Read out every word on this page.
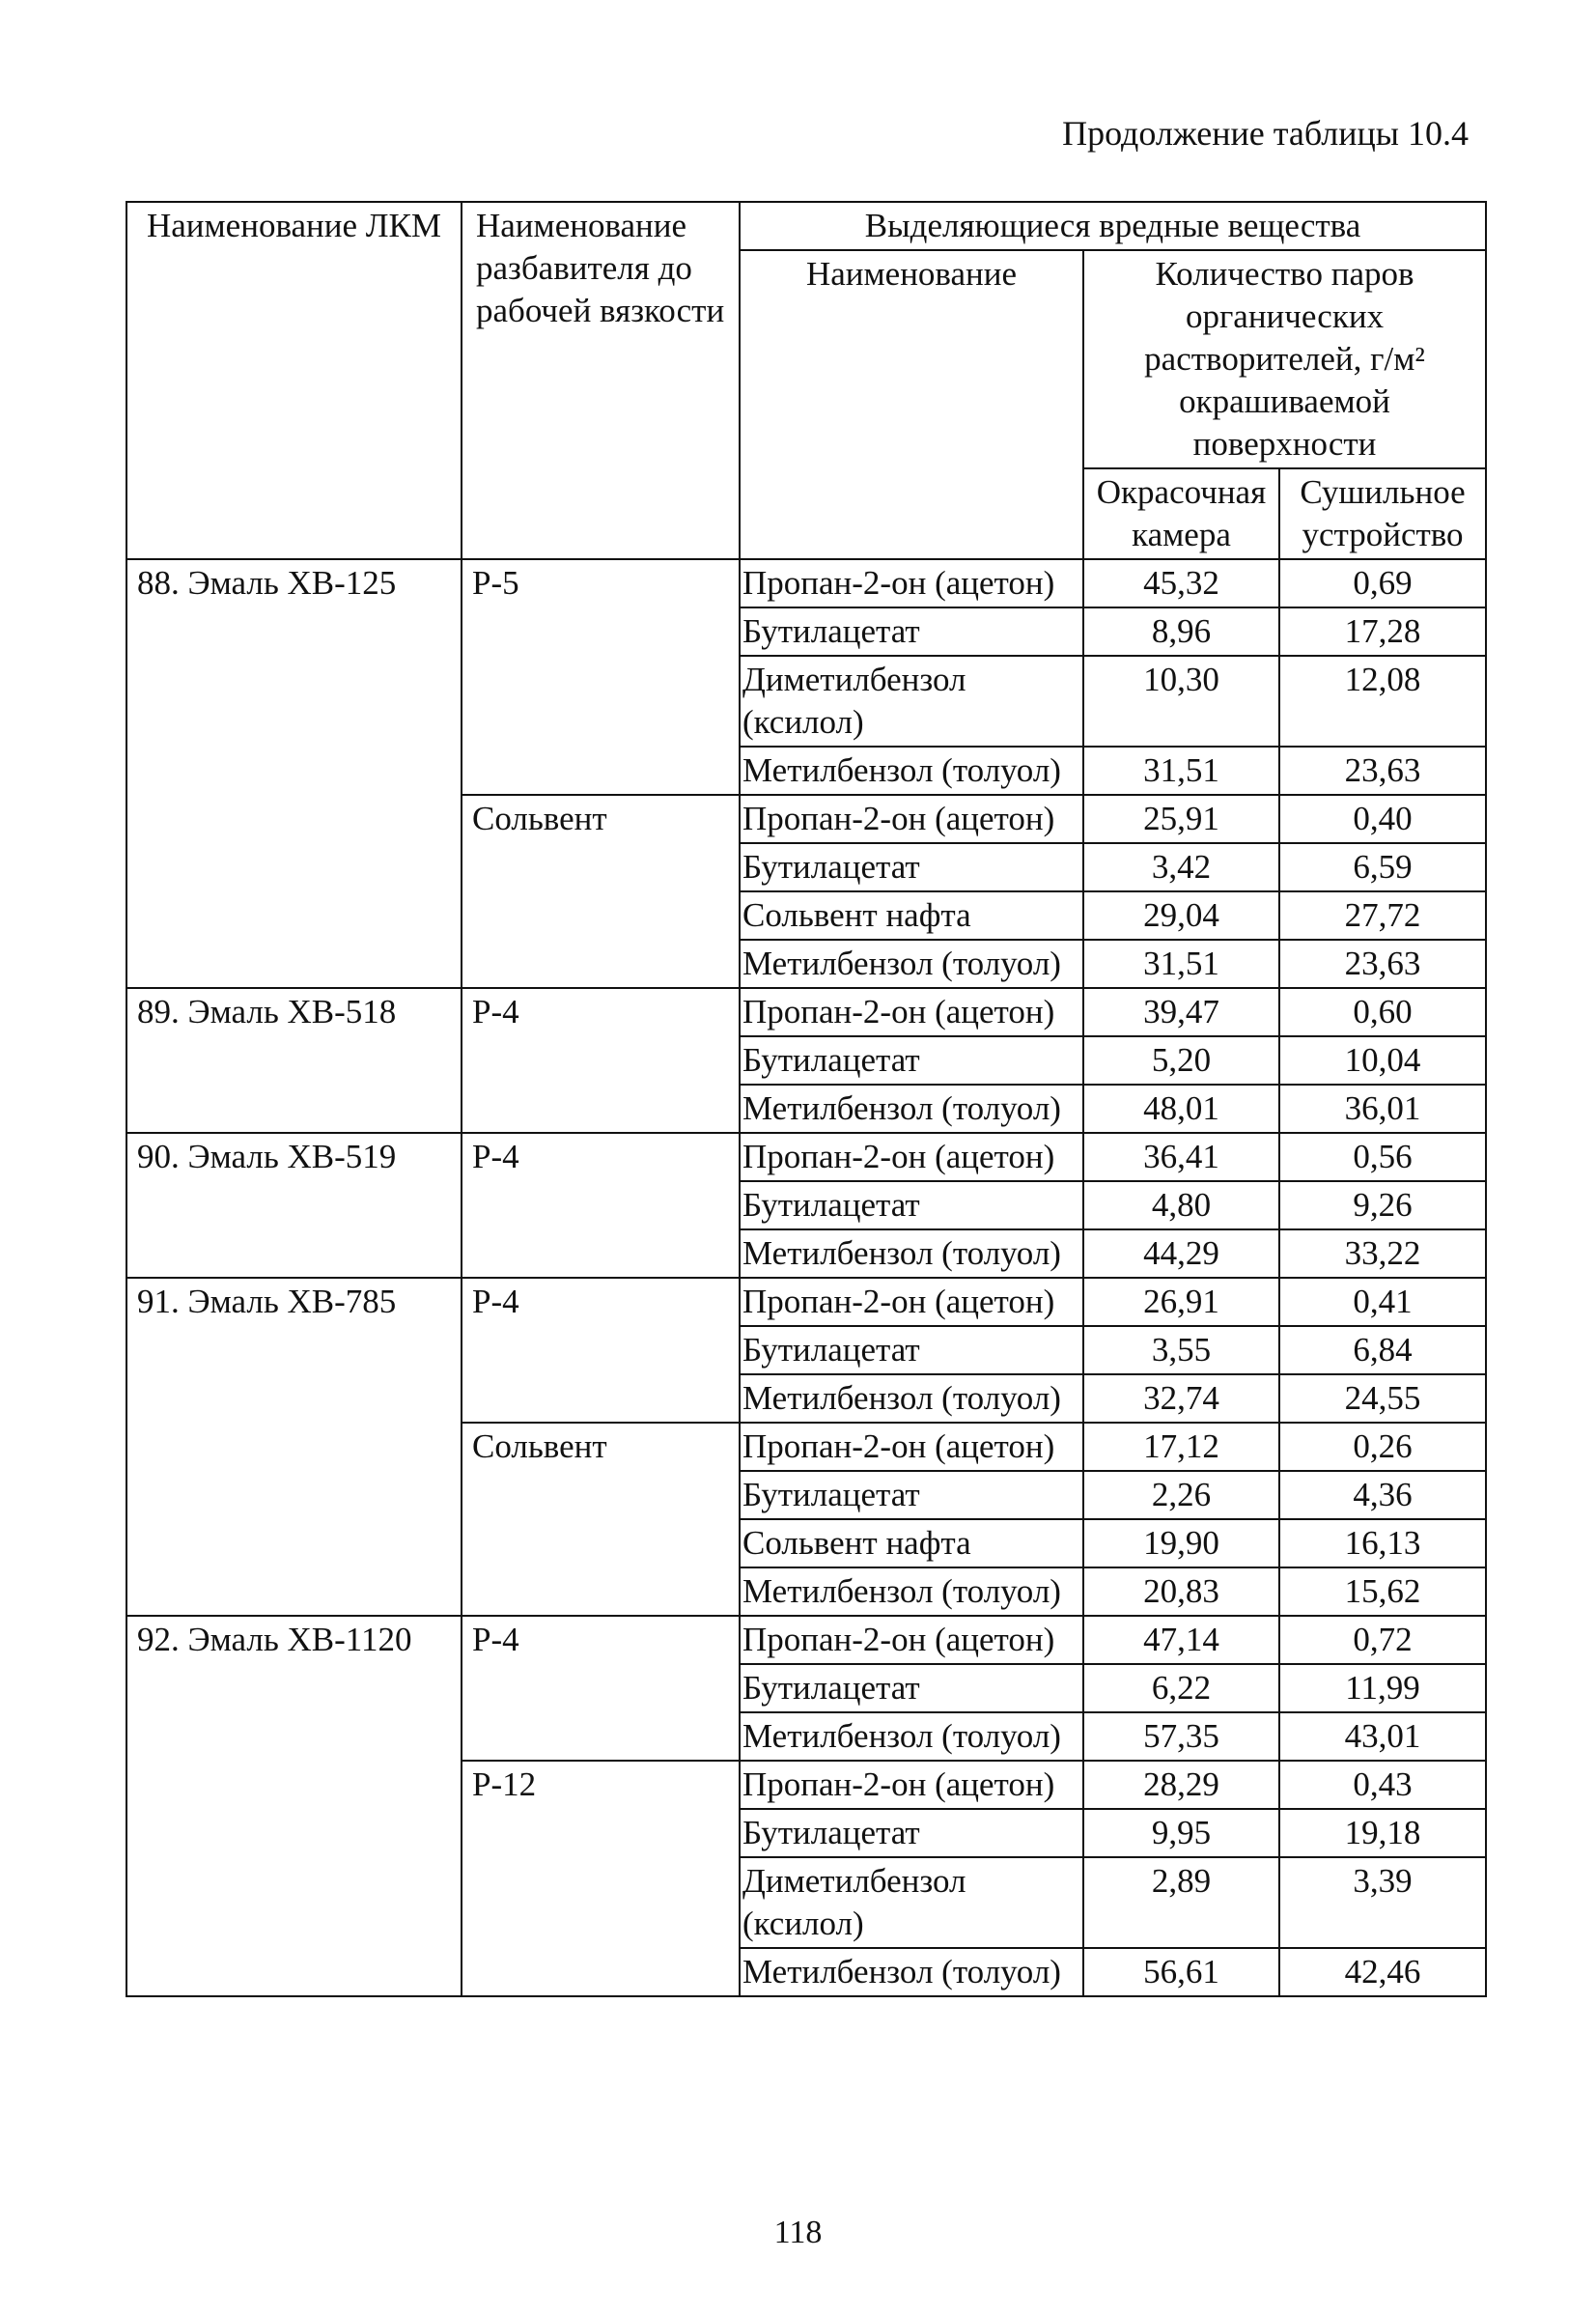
Продолжение таблицы 10.4
Наименование ЛКМ	Наименование разбавителя до рабочей вязкости	Выделяющиеся вредные вещества		
		Наименование	Количество паров органических растворителей, г/м² окрашиваемой поверхности	
			Окрасочная камера	Сушильное устройство
88. Эмаль ХВ-125	Р-5	Пропан-2-он (ацетон)	45,32	0,69
		Бутилацетат	8,96	17,28
		Диметилбензол (ксилол)	10,30	12,08
		Метилбензол (толуол)	31,51	23,63
	Сольвент	Пропан-2-он (ацетон)	25,91	0,40
		Бутилацетат	3,42	6,59
		Сольвент нафта	29,04	27,72
		Метилбензол (толуол)	31,51	23,63
89. Эмаль ХВ-518	Р-4	Пропан-2-он (ацетон)	39,47	0,60
		Бутилацетат	5,20	10,04
		Метилбензол (толуол)	48,01	36,01
90. Эмаль ХВ-519	Р-4	Пропан-2-он (ацетон)	36,41	0,56
		Бутилацетат	4,80	9,26
		Метилбензол (толуол)	44,29	33,22
91. Эмаль ХВ-785	Р-4	Пропан-2-он (ацетон)	26,91	0,41
		Бутилацетат	3,55	6,84
		Метилбензол (толуол)	32,74	24,55
	Сольвент	Пропан-2-он (ацетон)	17,12	0,26
		Бутилацетат	2,26	4,36
		Сольвент нафта	19,90	16,13
		Метилбензол (толуол)	20,83	15,62
92. Эмаль ХВ-1120	Р-4	Пропан-2-он (ацетон)	47,14	0,72
		Бутилацетат	6,22	11,99
		Метилбензол (толуол)	57,35	43,01
	Р-12	Пропан-2-он (ацетон)	28,29	0,43
		Бутилацетат	9,95	19,18
		Диметилбензол (ксилол)	2,89	3,39
		Метилбензол (толуол)	56,61	42,46
118
